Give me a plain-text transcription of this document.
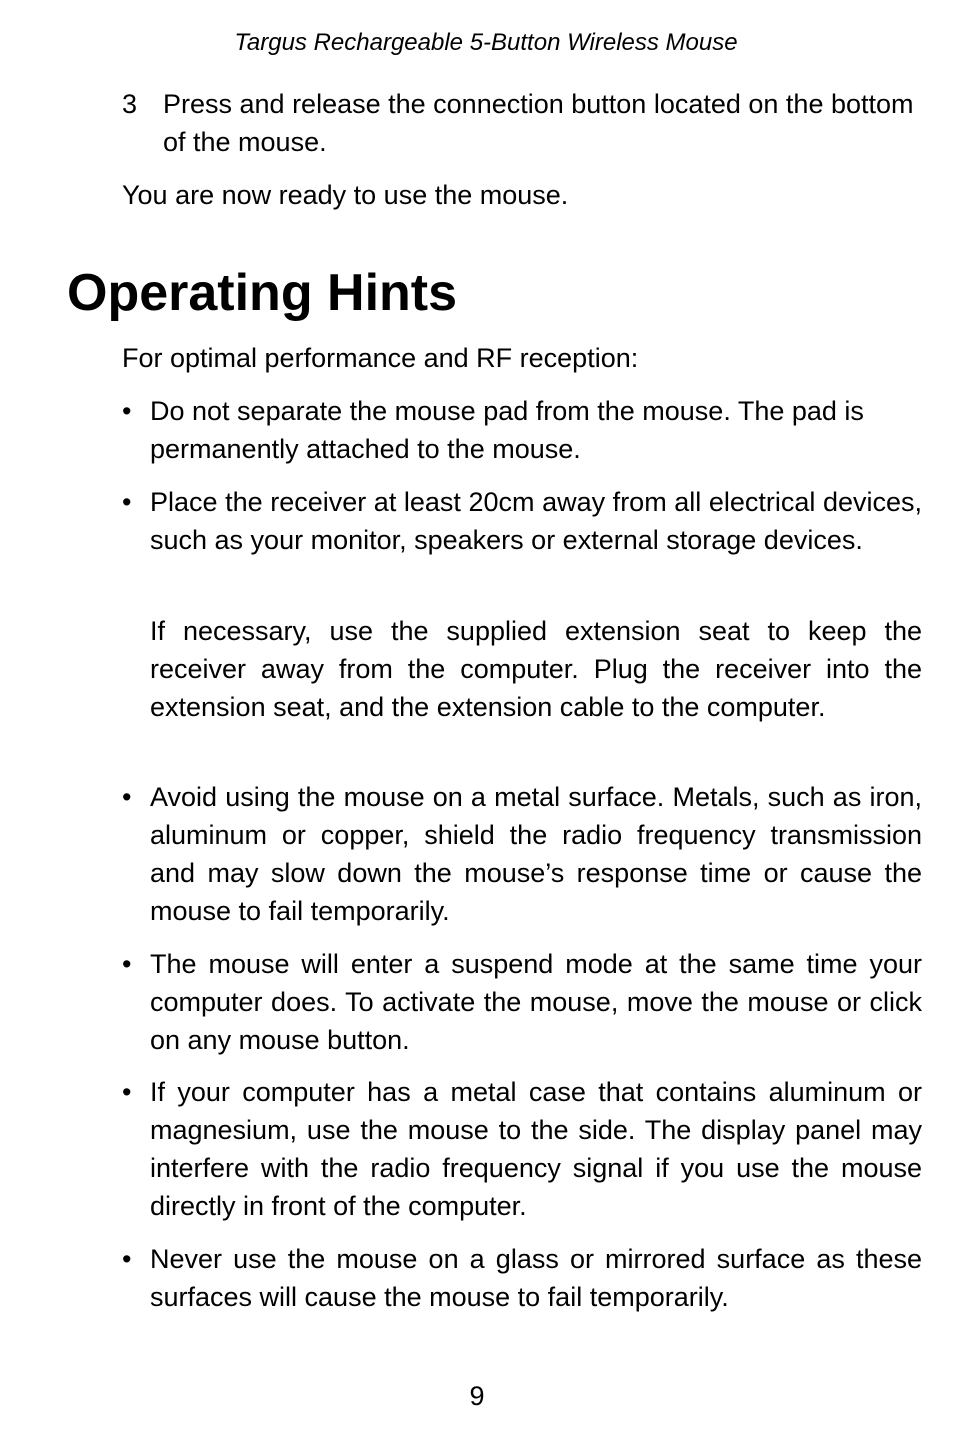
Targus Rechargeable 5-Button Wireless Mouse
3 Press and release the connection button located on the bottom of the mouse.
You are now ready to use the mouse.
Operating Hints
For optimal performance and RF reception:
• Do not separate the mouse pad from the mouse. The pad is permanently attached to the mouse.
• Place the receiver at least 20cm away from all electrical devices, such as your monitor, speakers or external storage devices.
If necessary, use the supplied extension seat to keep the receiver away from the computer. Plug the receiver into the extension seat, and the extension cable to the computer.
• Avoid using the mouse on a metal surface. Metals, such as iron, aluminum or copper, shield the radio frequency transmission and may slow down the mouse’s response time or cause the mouse to fail temporarily.
• The mouse will enter a suspend mode at the same time your computer does. To activate the mouse, move the mouse or click on any mouse button.
• If your computer has a metal case that contains aluminum or magnesium, use the mouse to the side. The display panel may interfere with the radio frequency signal if you use the mouse directly in front of the computer.
• Never use the mouse on a glass or mirrored surface as these surfaces will cause the mouse to fail temporarily.
9
